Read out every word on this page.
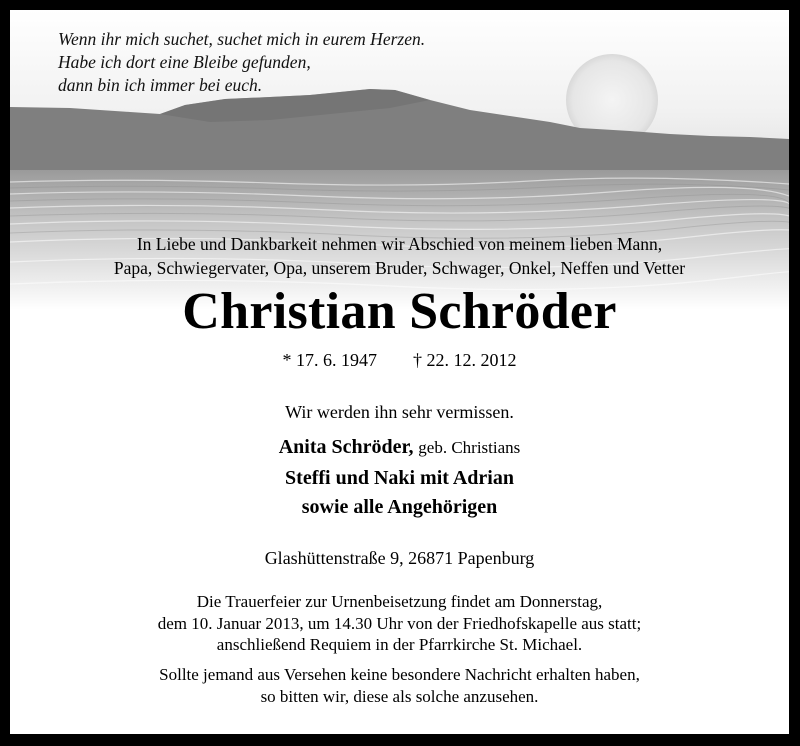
Wenn ihr mich suchet, suchet mich in eurem Herzen.
Habe ich dort eine Bleibe gefunden,
dann bin ich immer bei euch.
In Liebe und Dankbarkeit nehmen wir Abschied von meinem lieben Mann,
Papa, Schwiegervater, Opa, unserem Bruder, Schwager, Onkel, Neffen und Vetter
Christian Schröder
* 17. 6. 1947 † 22. 12. 2012
Wir werden ihn sehr vermissen.
Anita Schröder, geb. Christians
Steffi und Naki mit Adrian
sowie alle Angehörigen
Glashüttenstraße 9, 26871 Papenburg
Die Trauerfeier zur Urnenbeisetzung findet am Donnerstag,
dem 10. Januar 2013, um 14.30 Uhr von der Friedhofskapelle aus statt;
anschließend Requiem in der Pfarrkirche St. Michael.
Sollte jemand aus Versehen keine besondere Nachricht erhalten haben,
so bitten wir, diese als solche anzusehen.
